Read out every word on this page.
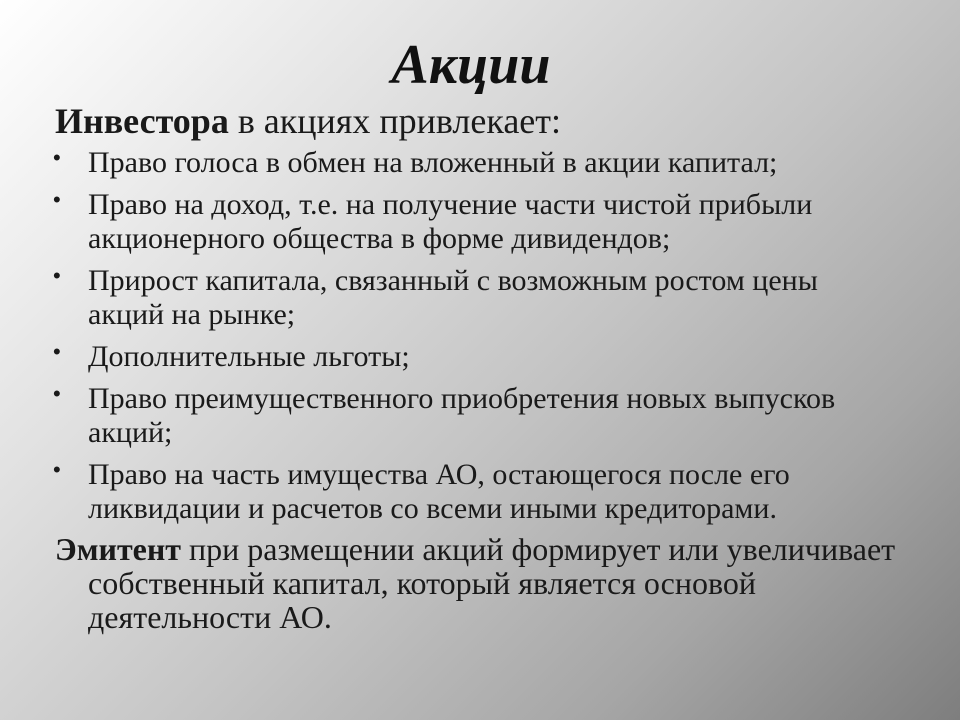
Акции

Инвестора в акциях привлекает:

• Право голоса в обмен на вложенный в акции капитал;
• Право на доход, т.е. на получение части чистой прибыли
акционерного общества в форме дивидендов;
• Прирост капитала, связанный с возможным ростом цены
акций на рынке;
• Дополнительные льготы;
• Право преимущественного приобретения новых выпусков
акций;
• Право на часть имущества АО, остающегося после его
ликвидации и расчетов со всеми иными кредиторами.

Эмитент при размещении акций формирует или увеличивает
собственный капитал, который является основой
деятельности АО.
